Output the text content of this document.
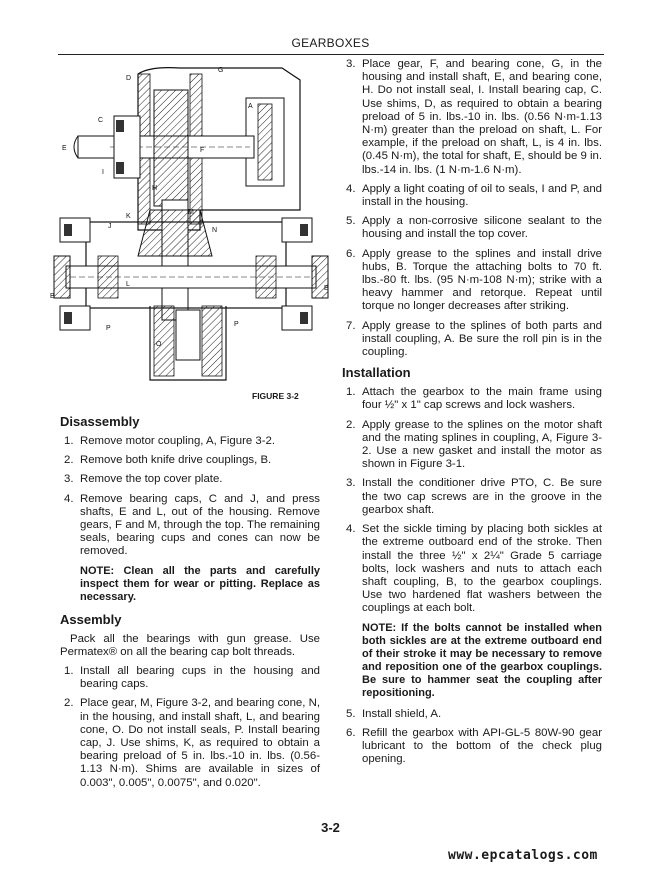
GEARBOXES
D
G
A
C
E	F
I
H
J
K
M
N
L
B
B
P
P
O
FIGURE 3-2
Disassembly
1. Remove motor coupling, A, Figure 3-2.
2. Remove both knife drive couplings, B.
3. Remove the top cover plate.
4. Remove bearing caps, C and J, and press shafts, E and L, out of the housing. Remove gears, F and M, through the top. The remaining seals, bearing cups and cones can now be removed.
NOTE: Clean all the parts and carefully inspect them for wear or pitting. Replace as necessary.
Assembly
Pack all the bearings with gun grease. Use Permatex® on all the bearing cap bolt threads.
1. Install all bearing cups in the housing and bearing caps.
2. Place gear, M, Figure 3-2, and bearing cone, N, in the housing, and install shaft, L, and bearing cone, O. Do not install seals, P. Install bearing cap, J. Use shims, K, as required to obtain a bearing preload of 5 in. lbs.-10 in. lbs. (0.56-1.13 N·m). Shims are available in sizes of 0.003", 0.005", 0.0075", and 0.020".
3. Place gear, F, and bearing cone, G, in the housing and install shaft, E, and bearing cone, H. Do not install seal, I. Install bearing cap, C. Use shims, D, as required to obtain a bearing preload of 5 in. lbs.-10 in. lbs. (0.56 N·m-1.13 N·m) greater than the preload on shaft, L. For example, if the preload on shaft, L, is 4 in. lbs. (0.45 N·m), the total for shaft, E, should be 9 in. lbs.-14 in. lbs. (1 N·m-1.6 N·m).
4. Apply a light coating of oil to seals, I and P, and install in the housing.
5. Apply a non-corrosive silicone sealant to the housing and install the top cover.
6. Apply grease to the splines and install drive hubs, B. Torque the attaching bolts to 70 ft. lbs.-80 ft. lbs. (95 N·m-108 N·m); strike with a heavy hammer and retorque. Repeat until torque no longer decreases after striking.
7. Apply grease to the splines of both parts and install coupling, A. Be sure the roll pin is in the coupling.
Installation
1. Attach the gearbox to the main frame using four ½" x 1" cap screws and lock washers.
2. Apply grease to the splines on the motor shaft and the mating splines in coupling, A, Figure 3-2. Use a new gasket and install the motor as shown in Figure 3-1.
3. Install the conditioner drive PTO, C. Be sure the two cap screws are in the groove in the gearbox shaft.
4. Set the sickle timing by placing both sickles at the extreme outboard end of the stroke. Then install the three ½" x 2¼" Grade 5 carriage bolts, lock washers and nuts to attach each shaft coupling, B, to the gearbox couplings. Use two hardened flat washers between the couplings at each bolt.
NOTE: If the bolts cannot be installed when both sickles are at the extreme outboard end of their stroke it may be necessary to remove and reposition one of the gearbox couplings. Be sure to hammer seat the coupling after repositioning.
5. Install shield, A.
6. Refill the gearbox with API-GL-5 80W-90 gear lubricant to the bottom of the check plug opening.
3-2
www.epcatalogs.com
